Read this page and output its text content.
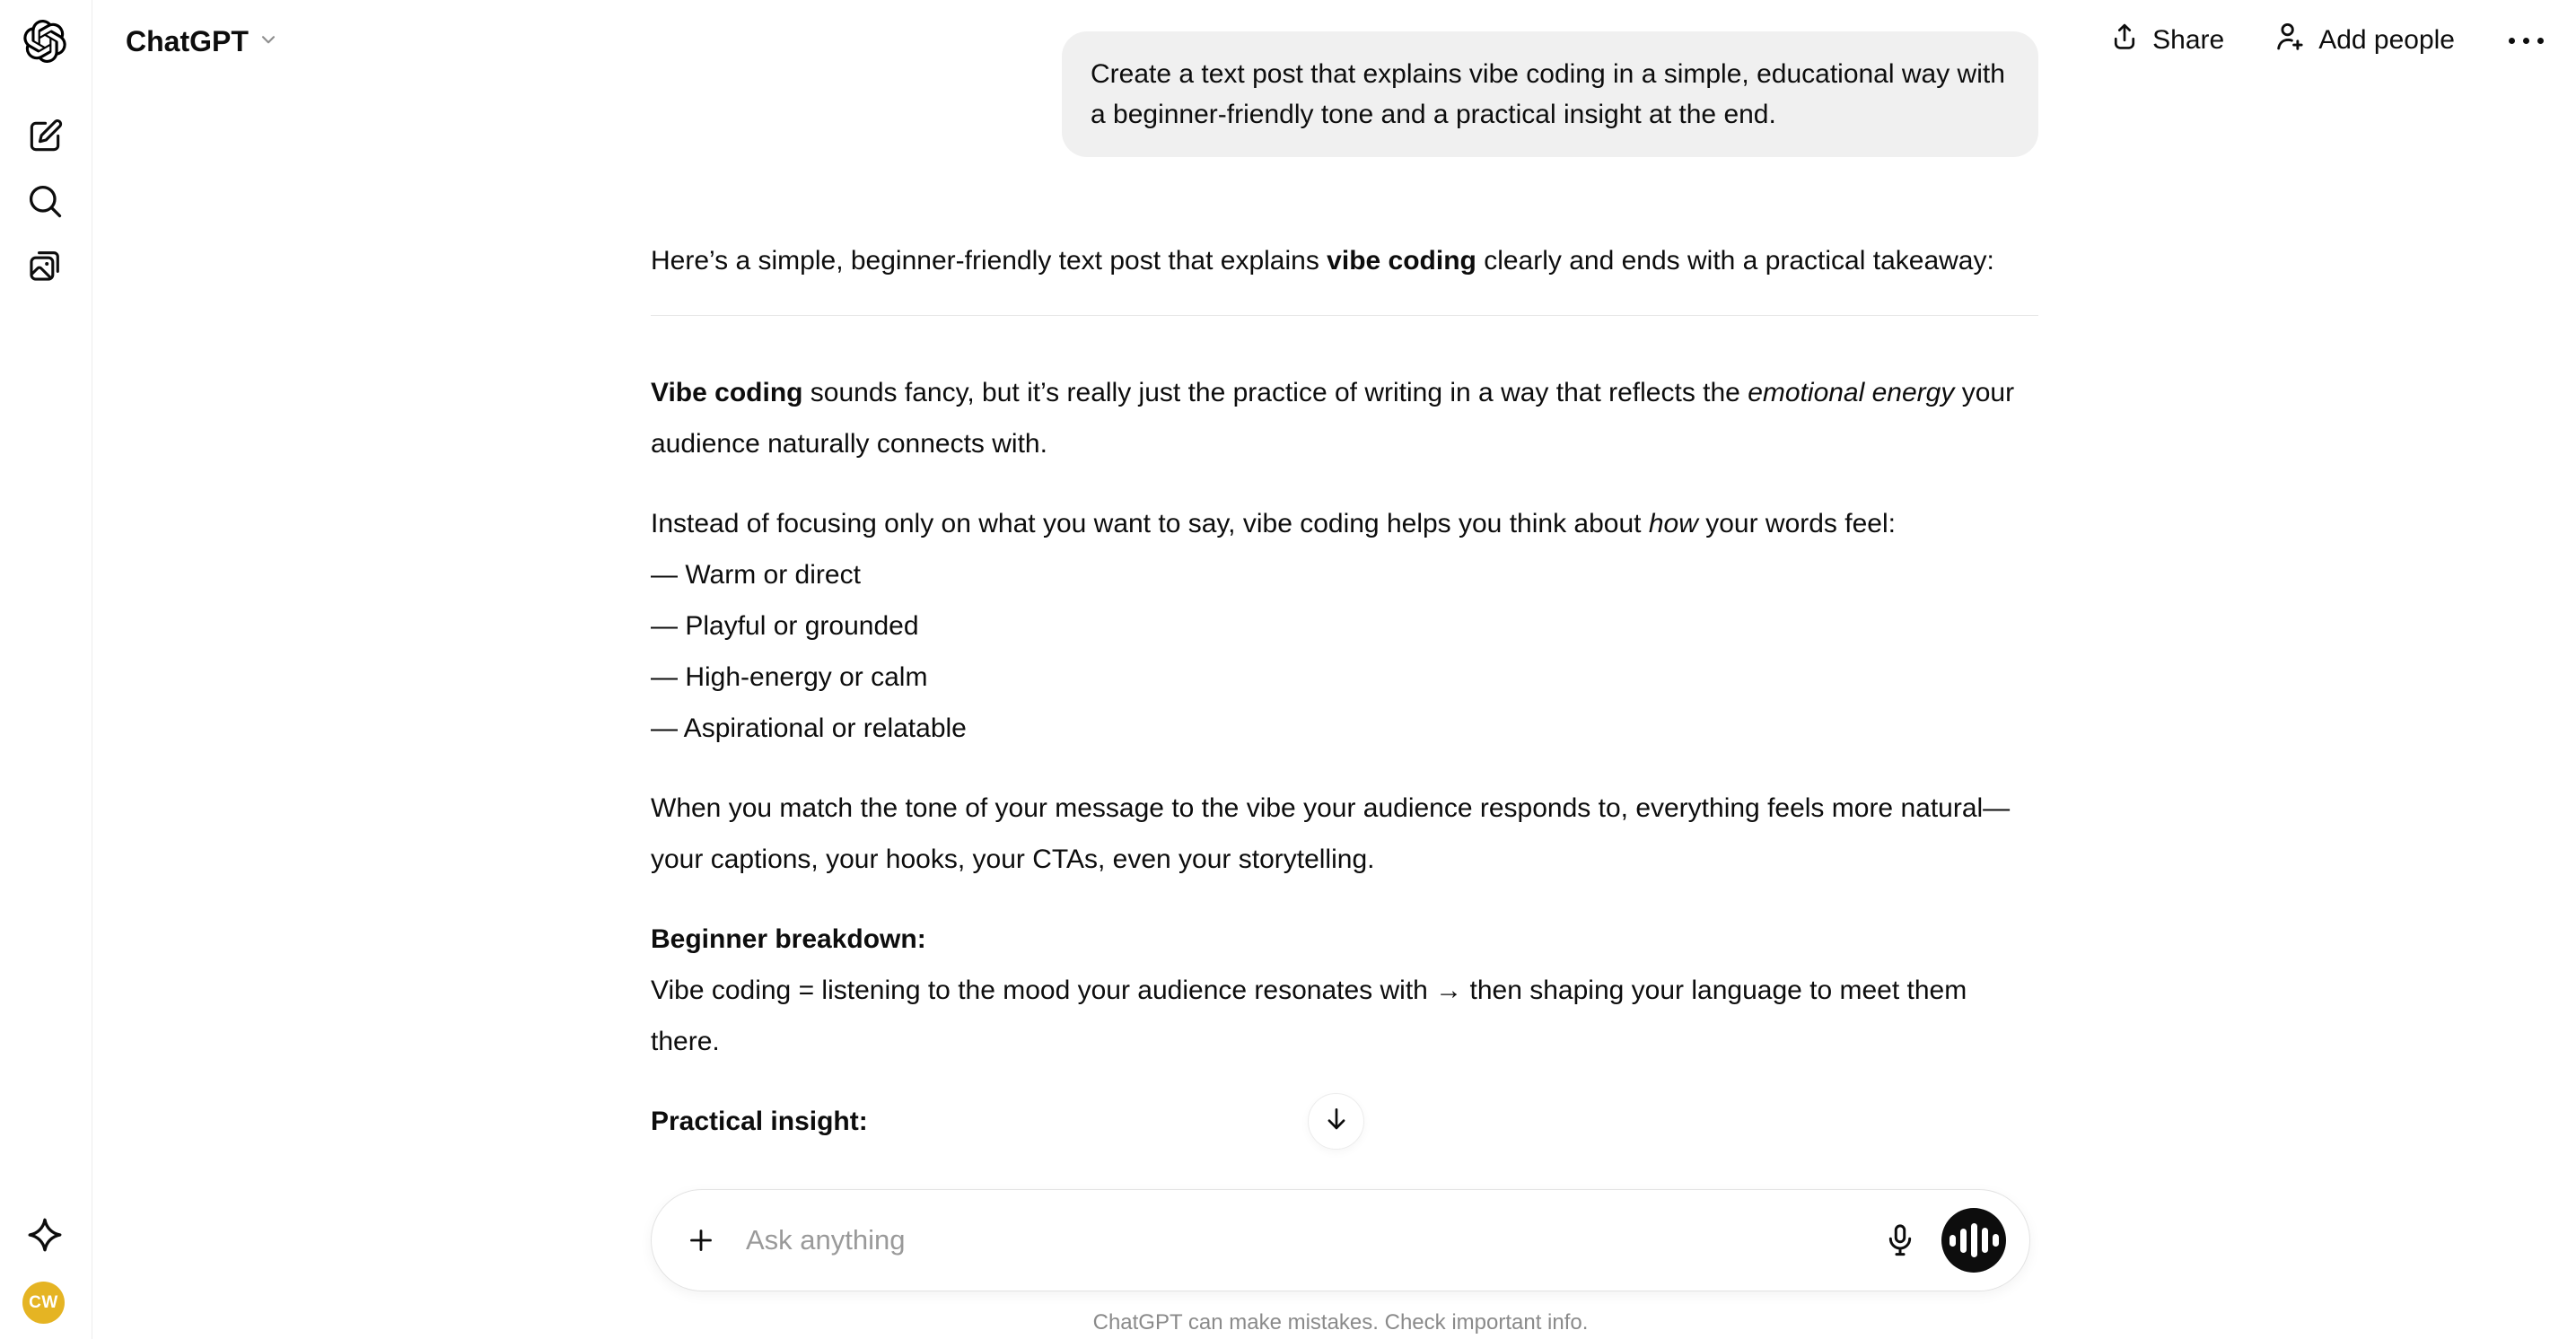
CW
ChatGPT	Share	Add people
Create a text post that explains vibe coding in a simple, educational way with a beginner-friendly tone and a practical insight at the end.

Here’s a simple, beginner-friendly text post that explains vibe coding clearly and ends with a practical takeaway:

Vibe coding sounds fancy, but it’s really just the practice of writing in a way that reflects the emotional energy your audience naturally connects with.

Instead of focusing only on what you want to say, vibe coding helps you think about how your words feel:
— Warm or direct
— Playful or grounded
— High-energy or calm
— Aspirational or relatable

When you match the tone of your message to the vibe your audience responds to, everything feels more natural—your captions, your hooks, your CTAs, even your storytelling.

Beginner breakdown:
Vibe coding = listening to the mood your audience resonates with → then shaping your language to meet them there.

Practical insight:

Ask anything
ChatGPT can make mistakes. Check important info.
